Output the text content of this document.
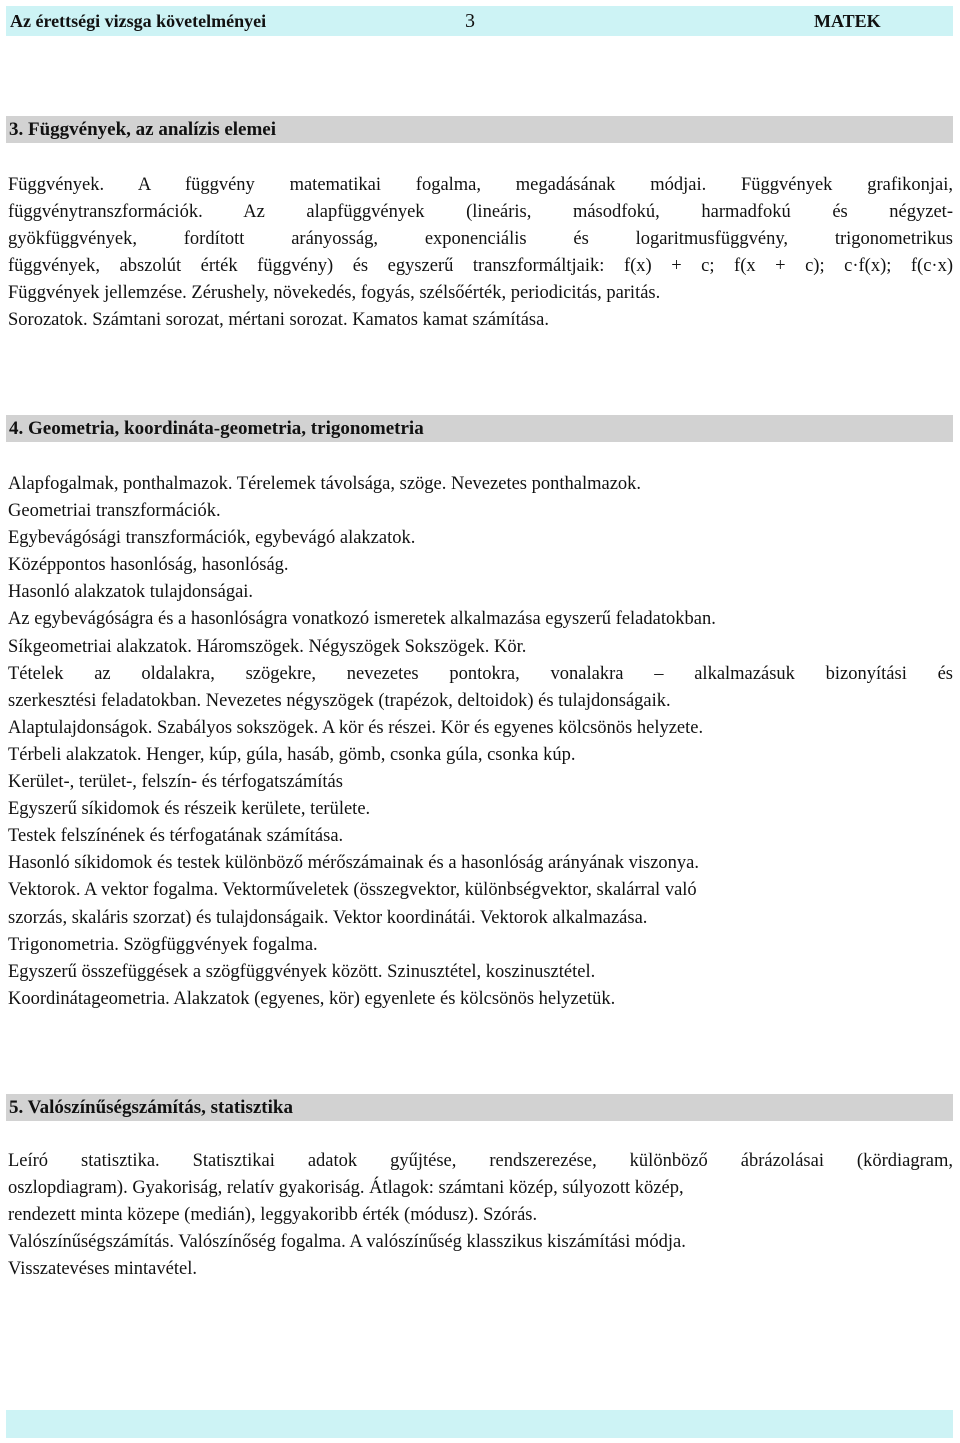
Az érettségi vizsga követelményei	3	MATEK
3. Függvények, az analízis elemei
Függvények. A függvény matematikai fogalma, megadásának módjai. Függvények grafikonjai,
függvénytranszformációk. Az alapfüggvények (lineáris, másodfokú, harmadfokú és négyzet-
gyökfüggvények, fordított arányosság, exponenciális és logaritmusfüggvény, trigonometrikus
függvények, abszolút érték függvény) és egyszerű transzformáltjaik: f(x) + c; f(x + c); c·f(x); f(c·x)
Függvények jellemzése. Zérushely, növekedés, fogyás, szélsőérték, periodicitás, paritás.
Sorozatok. Számtani sorozat, mértani sorozat. Kamatos kamat számítása.
4. Geometria, koordináta-geometria, trigonometria
Alapfogalmak, ponthalmazok. Térelemek távolsága, szöge. Nevezetes ponthalmazok.
Geometriai transzformációk.
Egybevágósági transzformációk, egybevágó alakzatok.
Középpontos hasonlóság, hasonlóság.
Hasonló alakzatok tulajdonságai.
Az egybevágóságra és a hasonlóságra vonatkozó ismeretek alkalmazása egyszerű feladatokban.
Síkgeometriai alakzatok. Háromszögek. Négyszögek Sokszögek. Kör.
Tételek az oldalakra, szögekre, nevezetes pontokra, vonalakra – alkalmazásuk bizonyítási és
szerkesztési feladatokban. Nevezetes négyszögek (trapézok, deltoidok) és tulajdonságaik.
Alaptulajdonságok. Szabályos sokszögek. A kör és részei. Kör és egyenes kölcsönös helyzete.
Térbeli alakzatok. Henger, kúp, gúla, hasáb, gömb, csonka gúla, csonka kúp.
Kerület-, terület-, felszín- és térfogatszámítás
Egyszerű síkidomok és részeik kerülete, területe.
Testek felszínének és térfogatának számítása.
Hasonló síkidomok és testek különböző mérőszámainak és a hasonlóság arányának viszonya.
Vektorok. A vektor fogalma. Vektorműveletek (összegvektor, különbségvektor, skalárral való
szorzás, skaláris szorzat) és tulajdonságaik. Vektor koordinátái. Vektorok alkalmazása.
Trigonometria. Szögfüggvények fogalma.
Egyszerű összefüggések a szögfüggvények között. Szinusztétel, koszinusztétel.
Koordinátageometria. Alakzatok (egyenes, kör) egyenlete és kölcsönös helyzetük.
5. Valószínűségszámítás, statisztika
Leíró statisztika. Statisztikai adatok gyűjtése, rendszerezése, különböző ábrázolásai (kördiagram,
oszlopdiagram). Gyakoriság, relatív gyakoriság. Átlagok: számtani közép, súlyozott közép,
rendezett minta közepe (medián), leggyakoribb érték (módusz). Szórás.
Valószínűségszámítás. Valószínőség fogalma. A valószínűség klasszikus kiszámítási módja.
Visszatevéses mintavétel.
